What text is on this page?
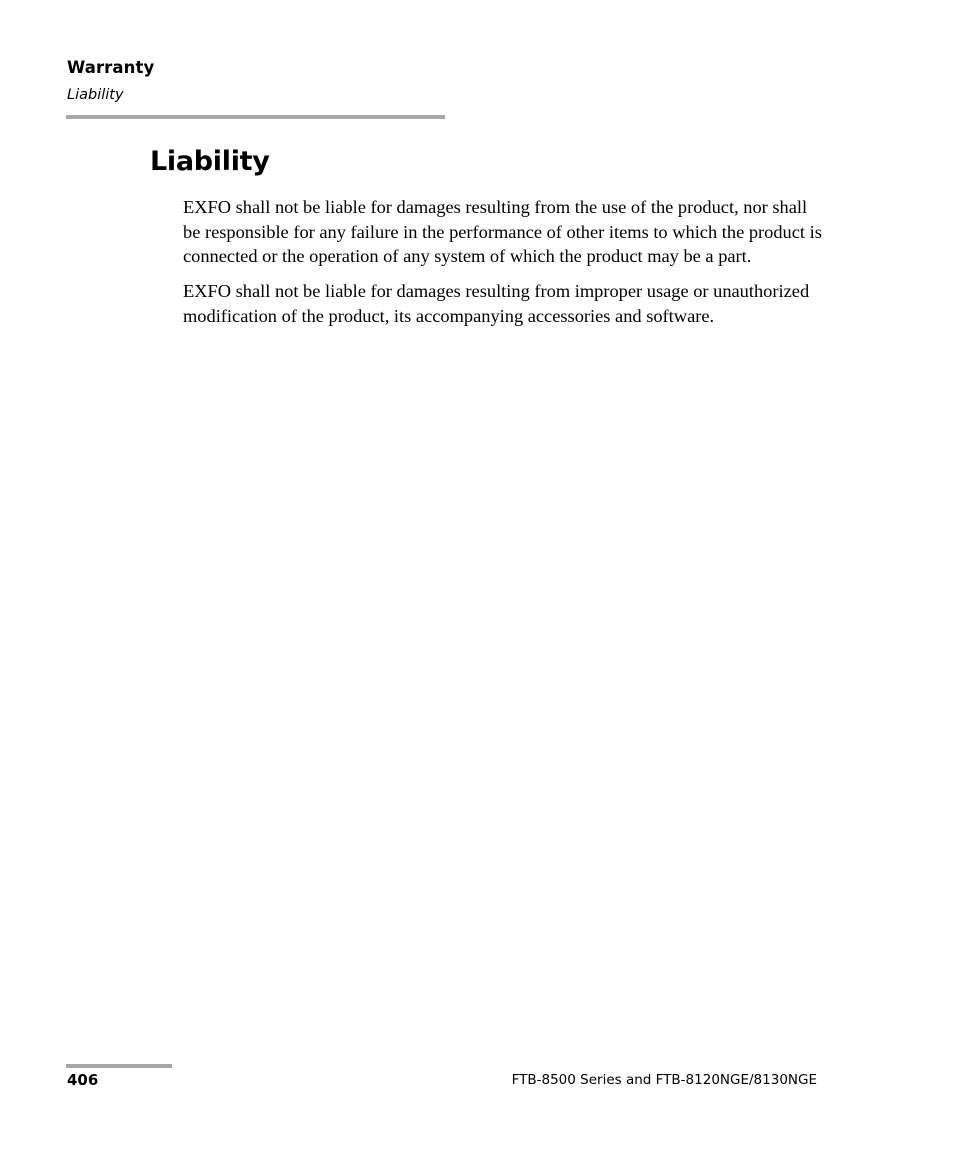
Warranty
Liability
Liability

EXFO shall not be liable for damages resulting from the use of the product, nor shall be responsible for any failure in the performance of other items to which the product is connected or the operation of any system of which the product may be a part.

EXFO shall not be liable for damages resulting from improper usage or unauthorized modification of the product, its accompanying accessories and software.

406	FTB-8500 Series and FTB-8120NGE/8130NGE
